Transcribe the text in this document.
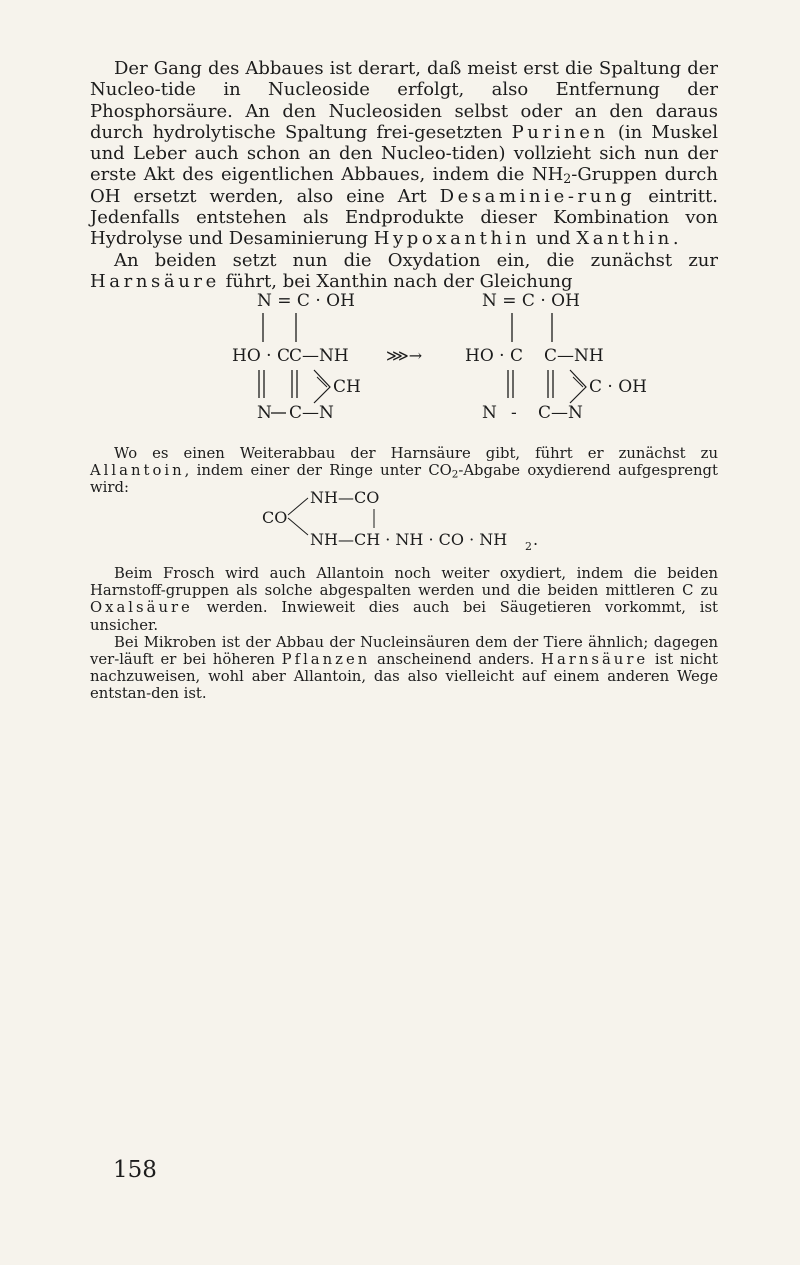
Der Gang des Abbaues ist derart, daß meist erst die Spaltung der Nucleo-tide in Nucleoside erfolgt, also Entfernung der Phosphorsäure. An den Nucleosiden selbst oder an den daraus durch hydrolytische Spaltung frei-gesetzten Purinen (in Muskel und Leber auch schon an den Nucleo-tiden) vollzieht sich nun der erste Akt des eigentlichen Abbaues, indem die $NH_2$-Gruppen durch OH ersetzt werden, also eine Art Desaminie-rung eintritt. Jedenfalls entstehen als Endprodukte dieser Kombination von Hydrolyse und Desaminierung Hypoxanthin und Xanthin.

An beiden setzt nun die Oxydation ein, die zunächst zur Harnsäure führt, bei Xanthin nach der Gleichung

N = C · OH
HO · C C—NH
CH
N C—N
⋙→
N = C · OH
HO · C C—NH
C · OH
N - C—N

Wo es einen Weiterabbau der Harnsäure gibt, führt er zunächst zu Allantoin, indem einer der Ringe unter $CO_2$-Abgabe oxydierend aufgesprengt wird:

CO
NH—CO
NH—CH · NH · CO · NH 2 .

Beim Frosch wird auch Allantoin noch weiter oxydiert, indem die beiden Harnstoff-gruppen als solche abgespalten werden und die beiden mittleren C zu Oxalsäure werden. Inwieweit dies auch bei Säugetieren vorkommt, ist unsicher.

Bei Mikroben ist der Abbau der Nucleinsäuren dem der Tiere ähnlich; dagegen ver-läuft er bei höheren Pflanzen anscheinend anders. Harnsäure ist nicht nachzuweisen, wohl aber Allantoin, das also vielleicht auf einem anderen Wege entstan-den ist.

158
